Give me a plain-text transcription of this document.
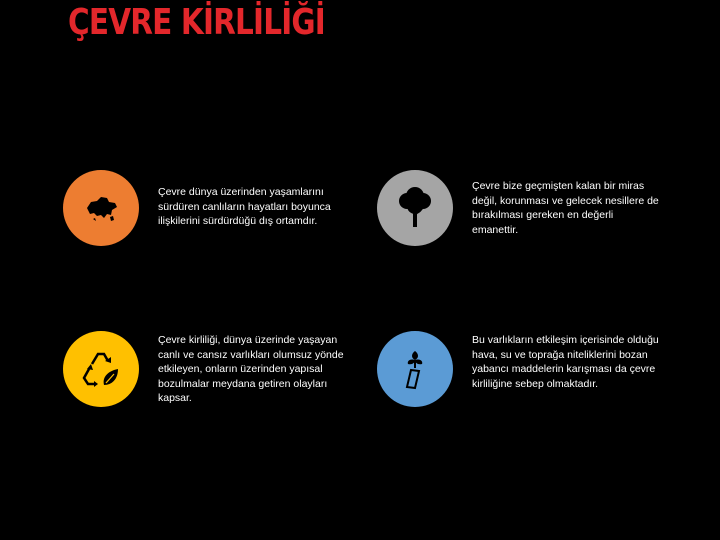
ÇEVRE KİRLİLİĞİ

Çevre dünya üzerinden yaşamlarını sürdüren canlıların hayatları boyunca ilişkilerini sürdürdüğü dış ortamdır.

Çevre bize geçmişten kalan bir miras değil, korunması ve gelecek nesillere de bırakılması gereken en değerli emanettir.

Çevre kirliliği, dünya üzerinde yaşayan canlı ve cansız varlıkları olumsuz yönde etkileyen, onların üzerinden yapısal bozulmalar meydana getiren olayları kapsar.

Bu varlıkların etkileşim içerisinde olduğu hava, su ve toprağa niteliklerini bozan yabancı maddelerin karışması da çevre kirliliğine sebep olmaktadır.
